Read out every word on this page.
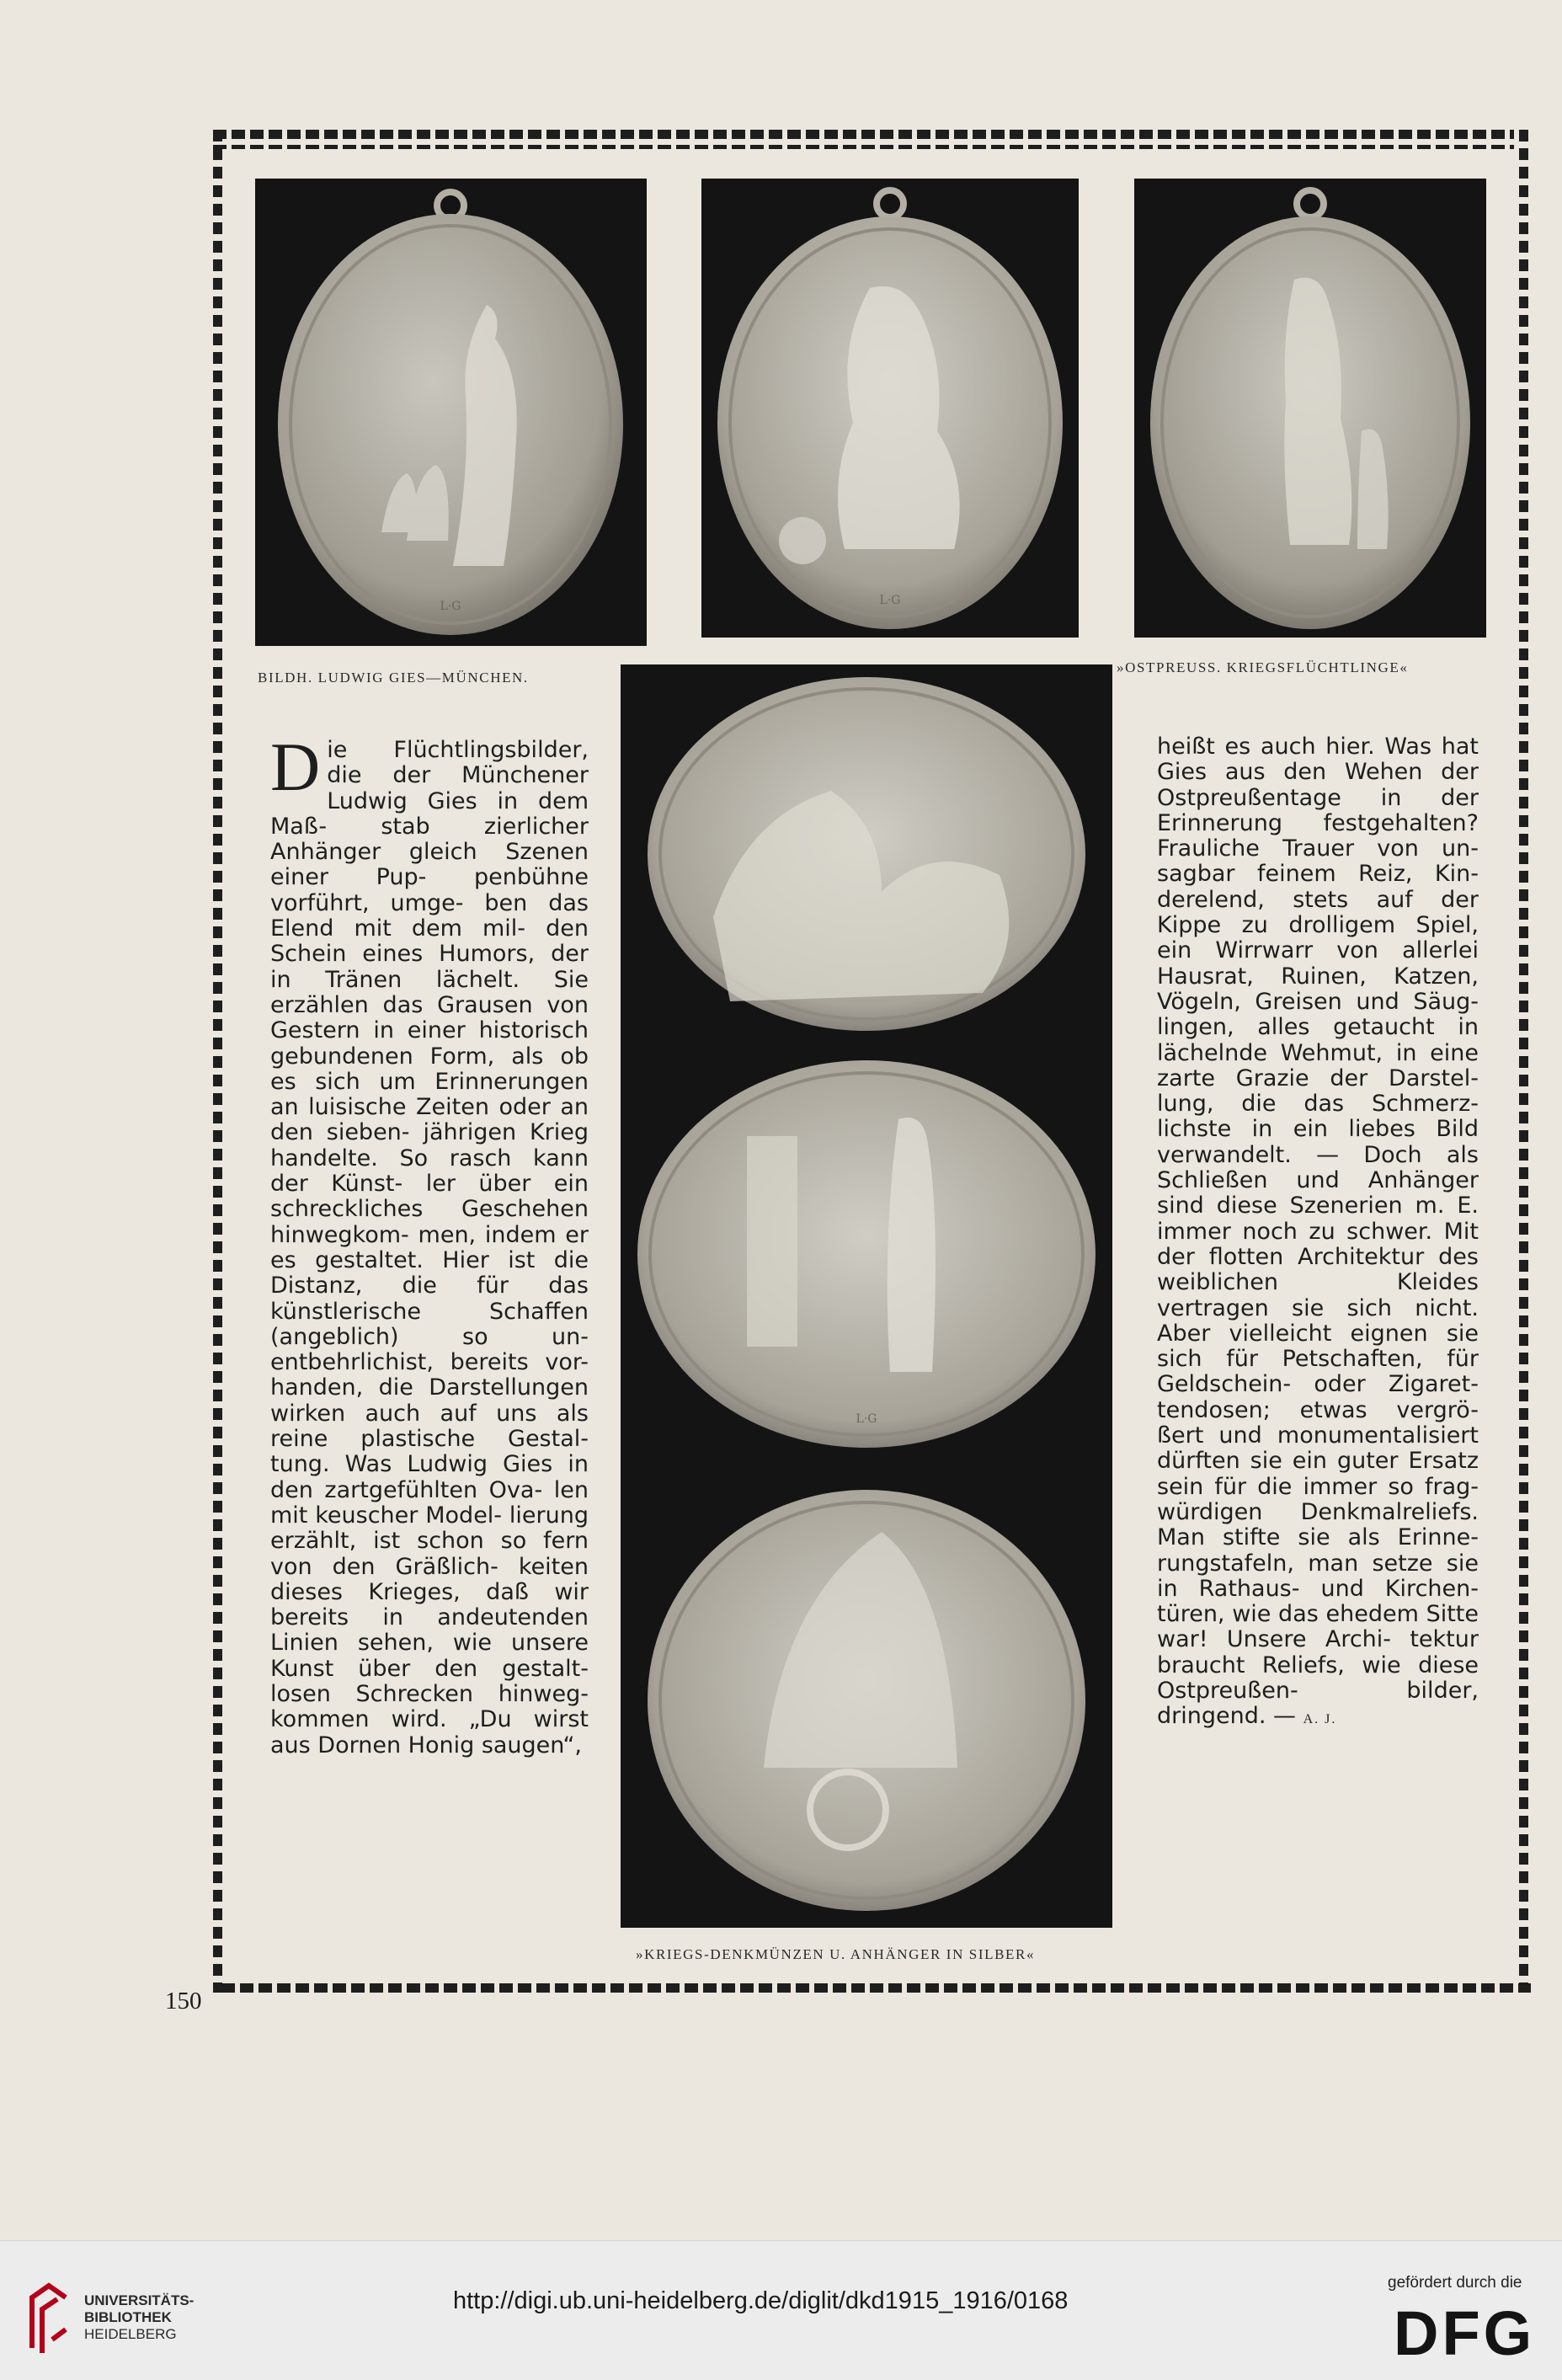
L·G	L·G
L·G
BILDH. LUDWIG GIES—MÜNCHEN.
»OSTPREUSS. KRIEGSFLÜCHTLINGE«
»KRIEGS-DENKMÜNZEN U. ANHÄNGER IN SILBER«
D ie Flüchtlingsbilder, die der Münchener Ludwig Gies in dem Maß- stab zierlicher Anhänger gleich Szenen einer Pup- penbühne vorführt, umge- ben das Elend mit dem mil- den Schein eines Humors, der in Tränen lächelt. Sie erzählen das Grausen von Gestern in einer historisch gebundenen Form, als ob es sich um Erinnerungen an luisische Zeiten oder an den sieben- jährigen Krieg handelte. So rasch kann der Künst- ler über ein schreckliches Geschehen hinwegkom- men, indem er es gestaltet. Hier ist die Distanz, die für das künstlerische	Schaffen (angeblich) so un- entbehrlichist, bereits vor- handen, die Darstellungen wirken auch auf uns als reine plastische Gestal- tung. Was Ludwig Gies in den zartgefühlten Ova- len mit keuscher Model- lierung erzählt, ist schon so fern von den Gräßlich- keiten dieses Krieges, daß wir bereits in andeutenden Linien sehen, wie unsere Kunst über den gestalt- losen Schrecken hinweg- kommen wird. „Du wirst aus Dornen Honig saugen“,
heißt es auch hier. Was hat Gies aus den Wehen der Ostpreußentage in der Erinnerung festgehalten? Frauliche Trauer von un- sagbar feinem Reiz, Kin- derelend, stets auf der Kippe zu drolligem Spiel, ein Wirrwarr von allerlei Hausrat, Ruinen, Katzen, Vögeln, Greisen und Säug- lingen, alles getaucht in lächelnde Wehmut, in eine zarte Grazie der Darstel- lung, die das Schmerz- lichste in ein liebes Bild verwandelt. — Doch als Schließen und Anhänger sind diese Szenerien m. E. immer noch zu schwer. Mit der flotten Architektur des weiblichen Kleides vertragen sie sich nicht. Aber vielleicht eignen sie sich für Petschaften, für Geldschein- oder Zigaret- tendosen; etwas vergrö- ßert und monumentalisiert dürften sie ein guter Ersatz sein für die immer so frag- würdigen Denkmalreliefs. Man stifte sie als Erinne- rungstafeln, man setze sie in Rathaus- und Kirchen- türen, wie das ehedem Sitte war! Unsere Archi- tektur braucht Reliefs, wie diese Ostpreußen-	bilder, dringend. — A. J.
150
UNIVERSITÄTS-
BIBLIOTHEK
HEIDELBERG
http://digi.ub.uni-heidelberg.de/diglit/dkd1915_1916/0168
gefördert durch die
DFG
